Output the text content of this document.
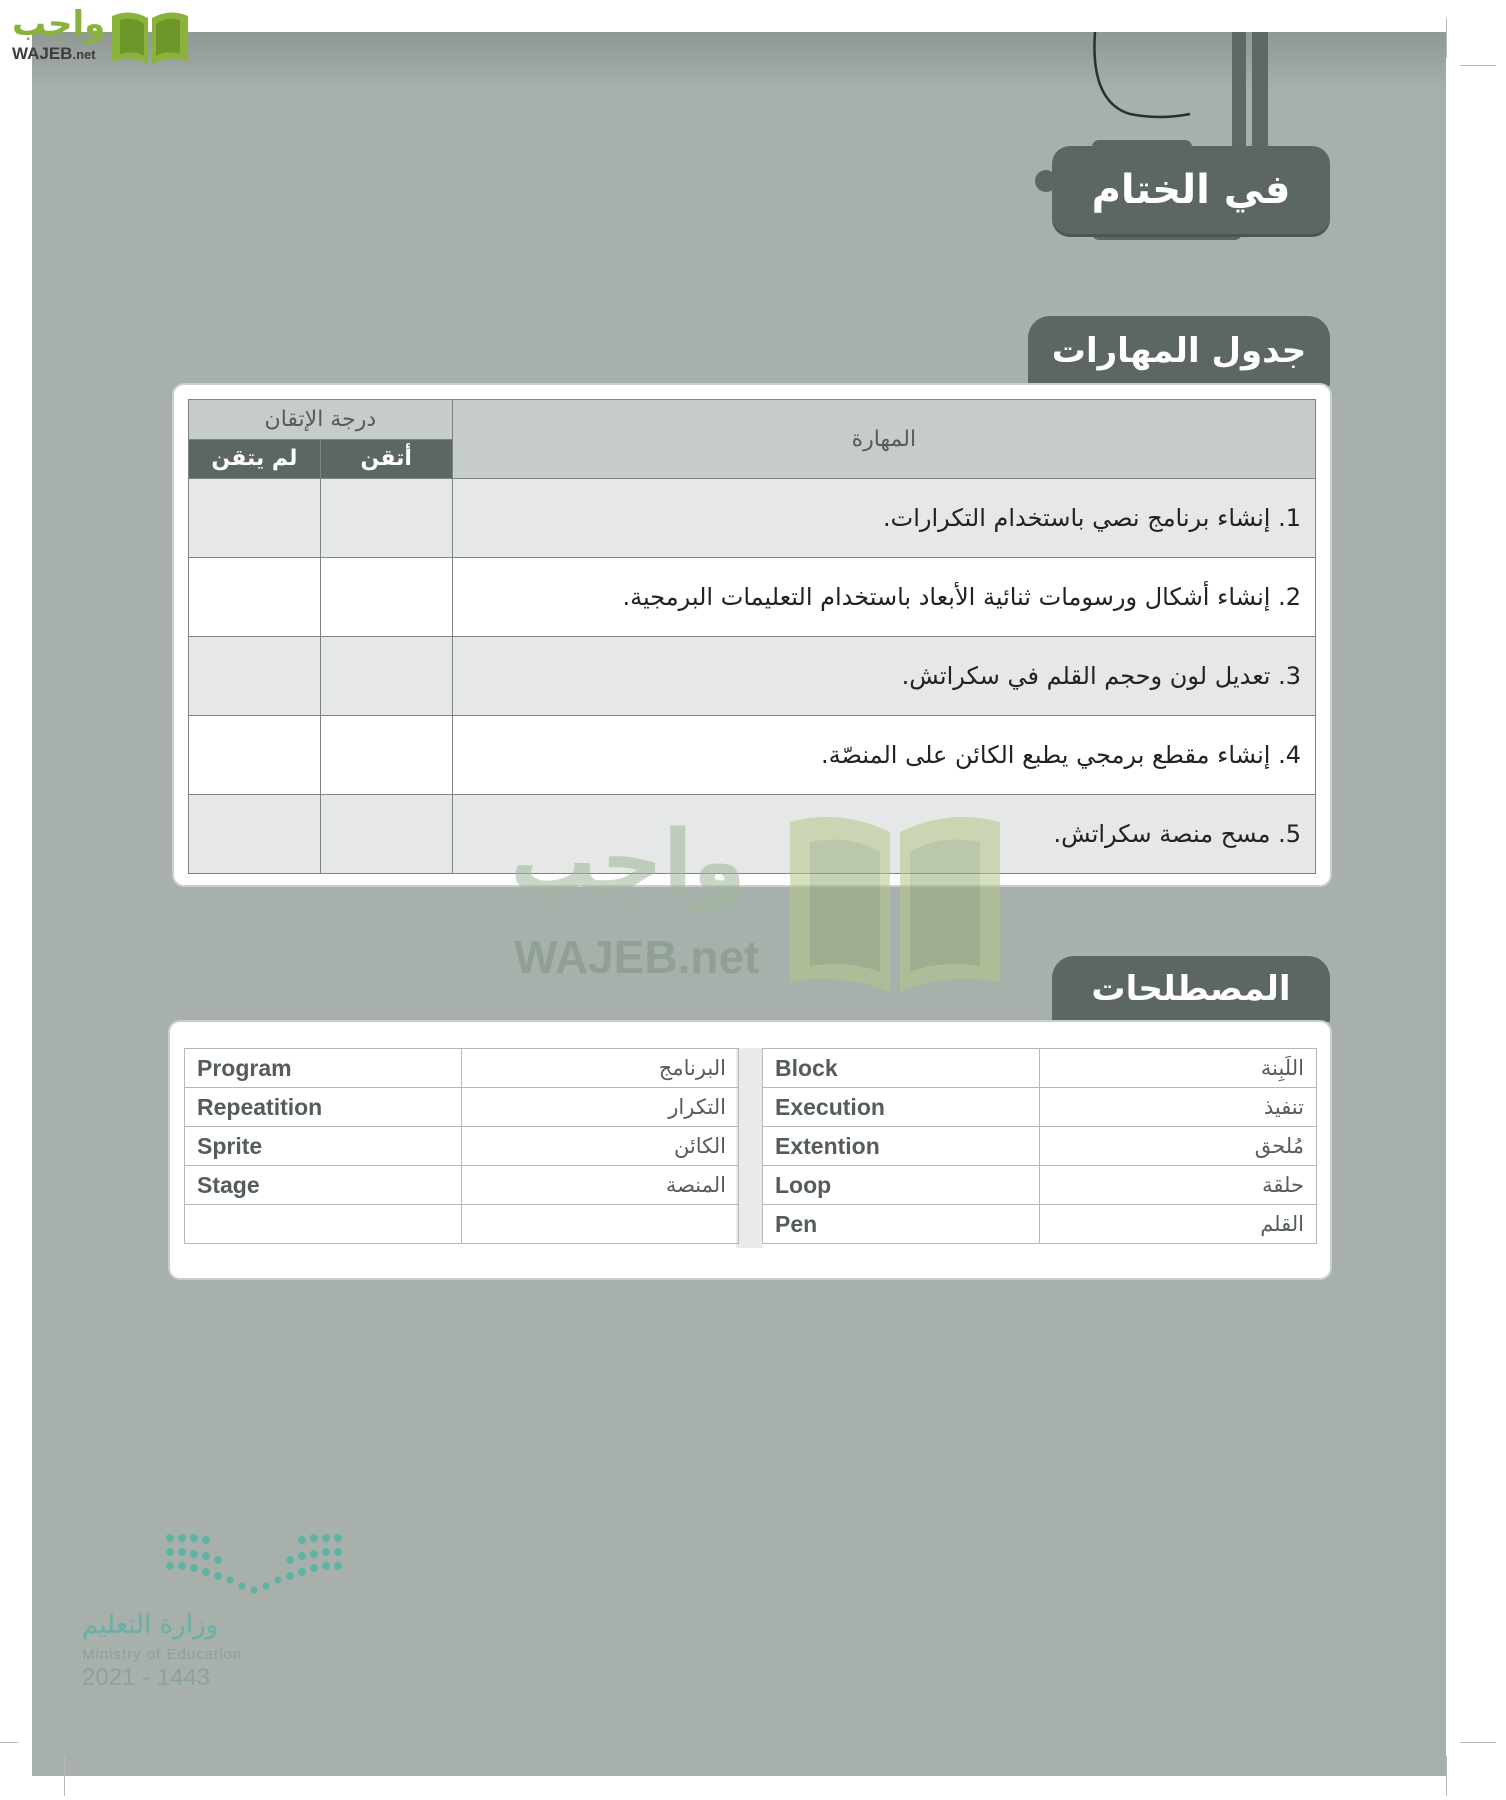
واجب
WAJEB.net
في الختام
جدول المهارات
المهارة	درجة الإتقان	
	أتقن	لم يتقن
1. إنشاء برنامج نصي باستخدام التكرارات.		
2. إنشاء أشكال ورسومات ثنائية الأبعاد باستخدام التعليمات البرمجية.		
3. تعديل لون وحجم القلم في سكراتش.		
4. إنشاء مقطع برمجي يطبع الكائن على المنصّة.		
5. مسح منصة سكراتش.		
واجب
WAJEB.net
المصطلحات
Program	البرنامج
Repeatition	التكرار
Sprite	الكائن
Stage	المنصة

Block	اللَبِنة
Execution	تنفيذ
Extention	مُلحق
Loop	حلقة
Pen	القلم
وزارة التعليم
Ministry of Education
2021 - 1443
